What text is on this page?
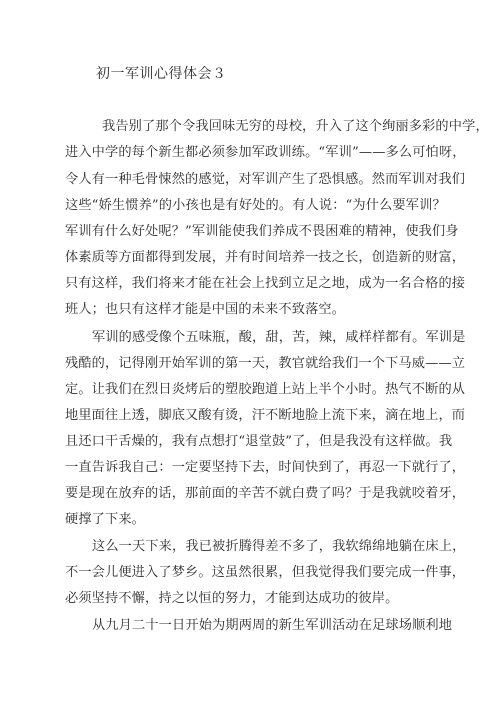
初一军训心得体会３
我告别了那个令我回味无穷的母校，升入了这个绚丽多彩的中学，
进入中学的每个新生都必须参加军政训练。“军训”——多么可怕呀，
令人有一种毛骨悚然的感觉，对军训产生了恐惧感。然而军训对我们
这些“娇生惯养”的小孩也是有好处的。有人说：“为什么要军训？
军训有什么好处呢？”军训能使我们养成不畏困难的精神，使我们身
体素质等方面都得到发展，并有时间培养一技之长，创造新的财富，
只有这样，我们将来才能在社会上找到立足之地，成为一名合格的接
班人；也只有这样才能是中国的未来不致落空。
军训的感受像个五味瓶，酸，甜，苦，辣，咸样样都有。军训是
残酷的，记得刚开始军训的第一天，教官就给我们一个下马威——立
定。让我们在烈日炎烤后的塑胶跑道上站上半个小时。热气不断的从
地里面往上透，脚底又酸有烫，汗不断地脸上流下来，滴在地上，而
且还口干舌燥的，我有点想打“退堂鼓”了，但是我没有这样做。我
一直告诉我自己：一定要坚持下去，时间快到了，再忍一下就行了，
要是现在放弃的话，那前面的辛苦不就白费了吗？于是我就咬着牙，
硬撑了下来。
这么一天下来，我已被折腾得差不多了，我软绵绵地躺在床上，
不一会儿便进入了梦乡。这虽然很累，但我觉得我们要完成一件事，
必须坚持不懈，持之以恒的努力，才能到达成功的彼岸。
从九月二十一日开始为期两周的新生军训活动在足球场顺利地
